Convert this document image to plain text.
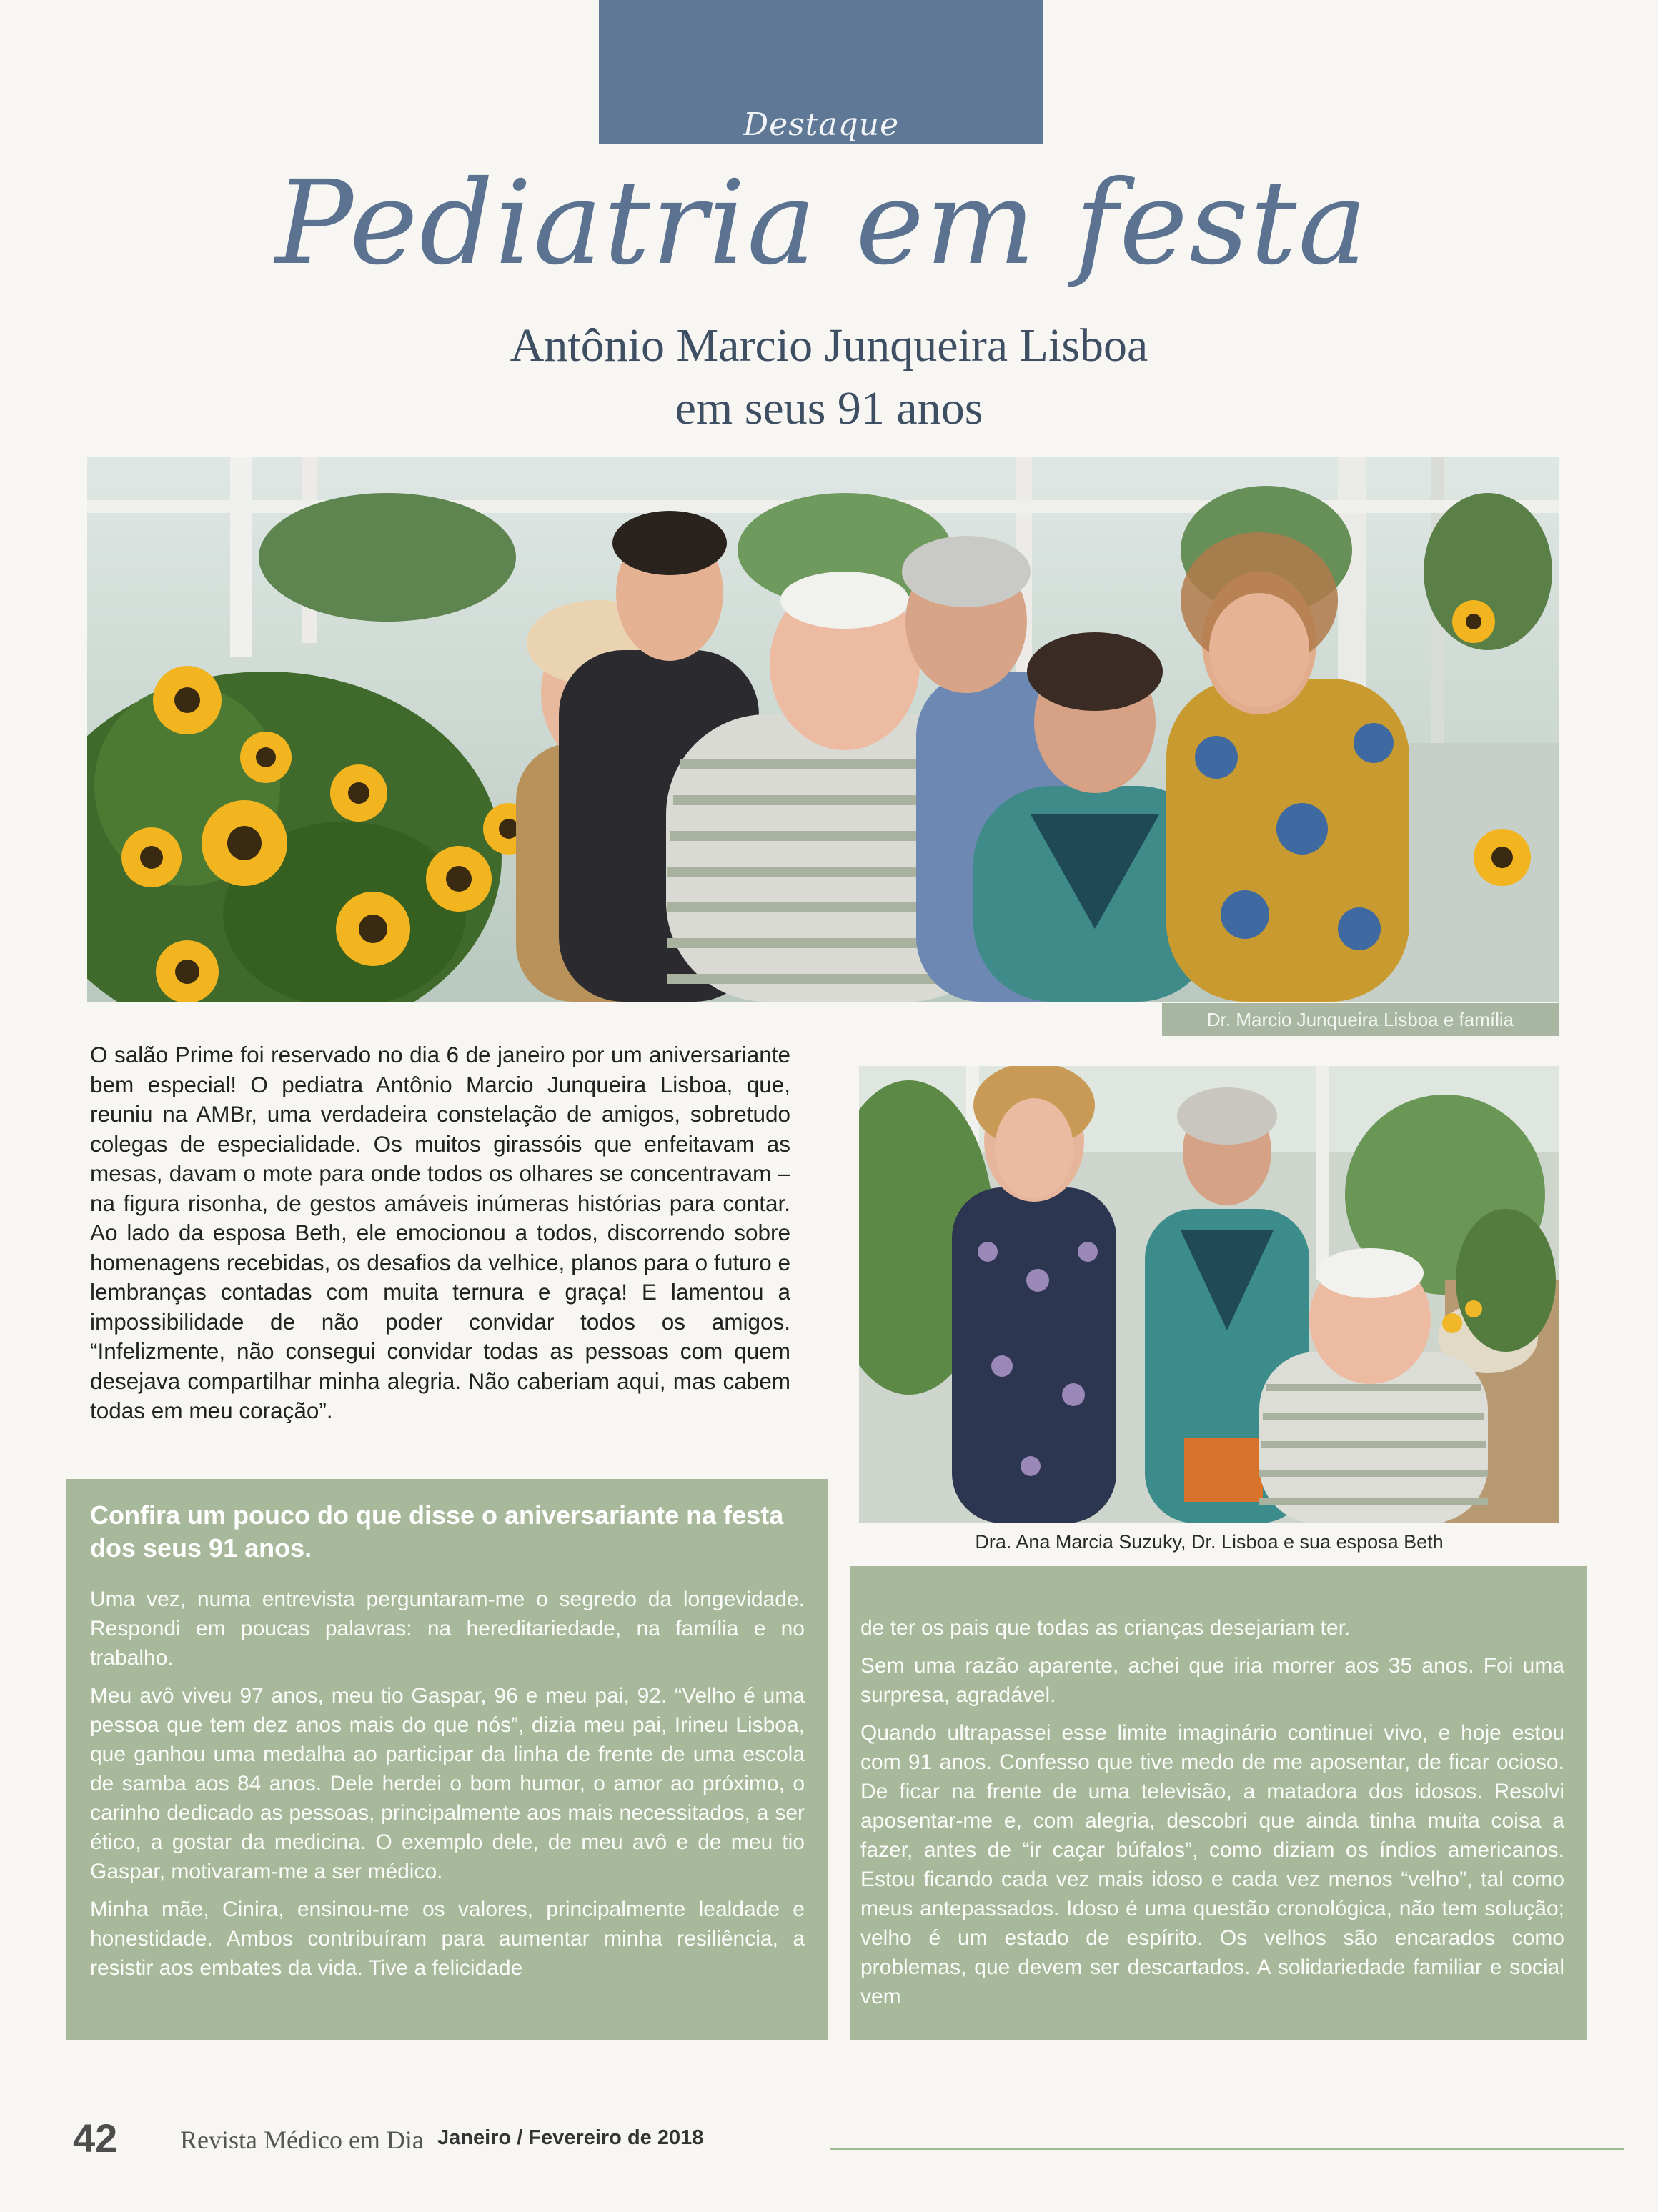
Destaque
Pediatria em festa
Antônio Marcio Junqueira Lisboa
em seus 91 anos
Dr. Marcio Junqueira Lisboa e família
O salão Prime foi reservado no dia 6 de janeiro por um aniversariante bem especial! O pediatra Antônio Marcio Junqueira Lisboa, que, reuniu na AMBr, uma verdadeira constelação de amigos, sobretudo colegas de especialidade. Os muitos girassóis que enfeitavam as mesas, davam o mote para onde todos os olhares se concentravam – na figura risonha, de gestos amáveis inúmeras histórias para contar. Ao lado da esposa Beth, ele emocionou a todos, discorrendo sobre homenagens recebidas, os desafios da velhice, planos para o futuro e lembranças contadas com muita ternura e graça! E lamentou a impossibilidade de não poder convidar todos os amigos. “Infelizmente, não consegui convidar todas as pessoas com quem desejava compartilhar minha alegria. Não caberiam aqui, mas cabem todas em meu coração”.
Dra. Ana Marcia Suzuky, Dr. Lisboa e sua esposa Beth
Confira um pouco do que disse o aniversariante na festa dos seus 91 anos.

Uma vez, numa entrevista perguntaram-me o segredo da longevidade. Respondi em poucas palavras: na hereditariedade, na família e no trabalho.

Meu avô viveu 97 anos, meu tio Gaspar, 96 e meu pai, 92. “Velho é uma pessoa que tem dez anos mais do que nós”, dizia meu pai, Irineu Lisboa, que ganhou uma medalha ao participar da linha de frente de uma escola de samba aos 84 anos. Dele herdei o bom humor, o amor ao próximo, o carinho dedicado as pessoas, principalmente aos mais necessitados, a ser ético, a gostar da medicina. O exemplo dele, de meu avô e de meu tio Gaspar, motivaram-me a ser médico.

Minha mãe, Cinira, ensinou-me os valores, principalmente lealdade e honestidade. Ambos contribuíram para aumentar minha resiliência, a resistir aos embates da vida. Tive a felicidade

de ter os pais que todas as crianças desejariam ter.

Sem uma razão aparente, achei que iria morrer aos 35 anos. Foi uma surpresa, agradável.

Quando ultrapassei esse limite imaginário continuei vivo, e hoje estou com 91 anos. Confesso que tive medo de me aposentar, de ficar ocioso. De ficar na frente de uma televisão, a matadora dos idosos. Resolvi aposentar-me e, com alegria, descobri que ainda tinha muita coisa a fazer, antes de “ir caçar búfalos”, como diziam os índios americanos. Estou ficando cada vez mais idoso e cada vez menos “velho”, tal como meus antepassados. Idoso é uma questão cronológica, não tem solução; velho é um estado de espírito. Os velhos são encarados como problemas, que devem ser descartados. A solidariedade familiar e social vem

42 Revista Médico em Dia Janeiro / Fevereiro de 2018
